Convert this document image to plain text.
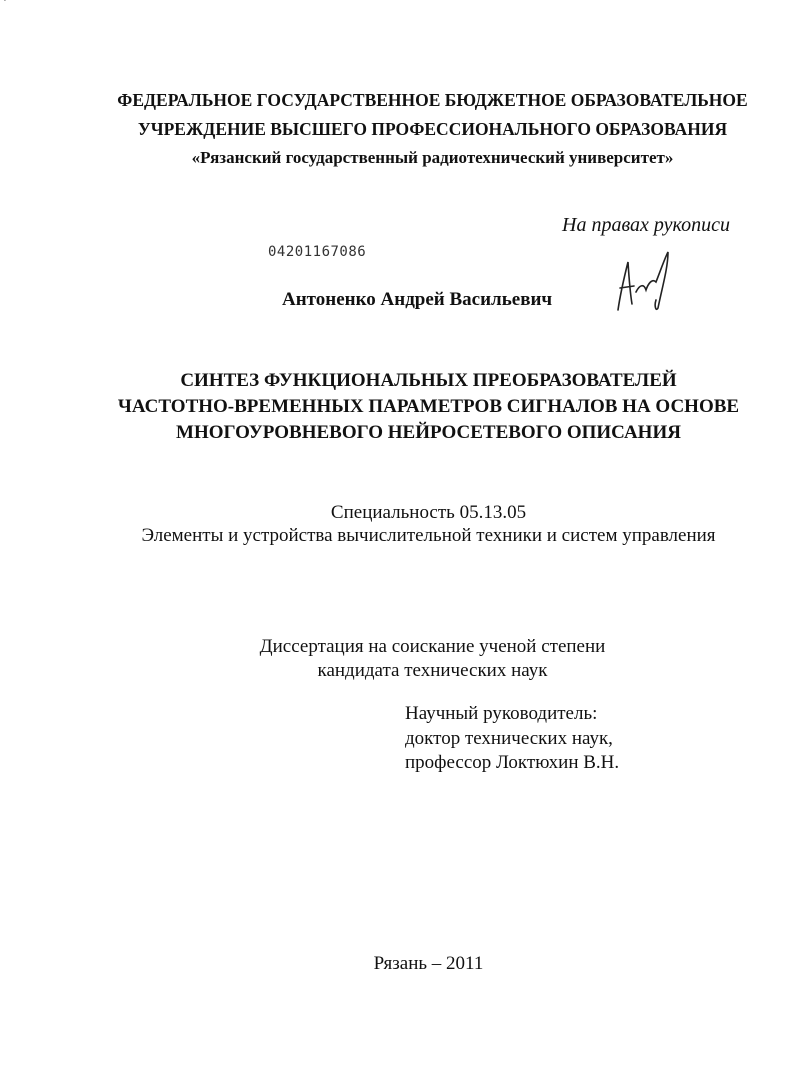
`
ФЕДЕРАЛЬНОЕ ГОСУДАРСТВЕННОЕ БЮДЖЕТНОЕ ОБРАЗОВАТЕЛЬНОЕ
УЧРЕЖДЕНИЕ ВЫСШЕГО ПРОФЕССИОНАЛЬНОГО ОБРАЗОВАНИЯ
«Рязанский государственный радиотехнический университет»
На правах рукописи
04201167086
Антоненко Андрей Васильевич
СИНТЕЗ ФУНКЦИОНАЛЬНЫХ ПРЕОБРАЗОВАТЕЛЕЙ
ЧАСТОТНО-ВРЕМЕННЫХ ПАРАМЕТРОВ СИГНАЛОВ НА ОСНОВЕ
МНОГОУРОВНЕВОГО НЕЙРОСЕТЕВОГО ОПИСАНИЯ
Специальность 05.13.05
Элементы и устройства вычислительной техники и систем управления
Диссертация на соискание ученой степени
кандидата технических наук
Научный руководитель:
доктор технических наук,
профессор Локтюхин В.Н.
Рязань – 2011
